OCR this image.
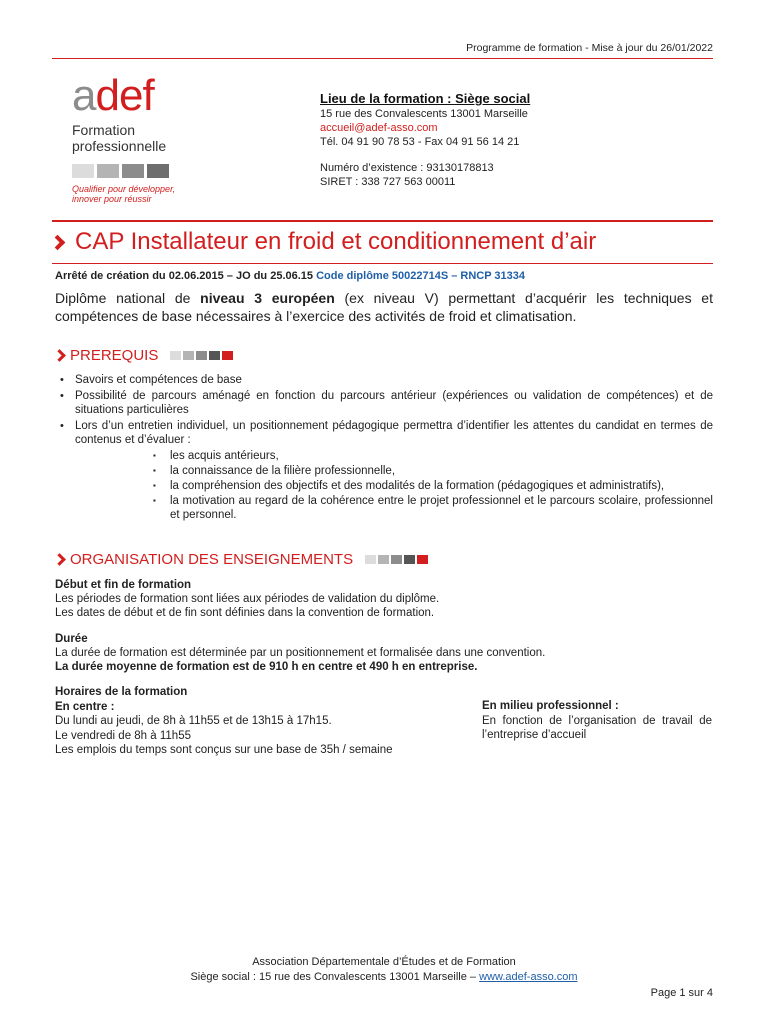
Programme de formation - Mise à jour du 26/01/2022
adef
Formation
professionnelle
Qualifier pour développer,
innover pour réussir
Lieu de la formation : Siège social
15 rue des Convalescents 13001 Marseille
accueil@adef-asso.com
Tél. 04 91 90 78 53 - Fax 04 91 56 14 21
Numéro d’existence : 93130178813
SIRET : 338 727 563 00011
CAP Installateur en froid et conditionnement d’air
Arrêté de création du 02.06.2015 – JO du 25.06.15 Code diplôme 50022714S – RNCP 31334
Diplôme national de niveau 3 européen (ex niveau V) permettant d’acquérir les techniques et compétences de base nécessaires à l’exercice des activités de froid et climatisation.
PREREQUIS
• Savoirs et compétences de base
• Possibilité de parcours aménagé en fonction du parcours antérieur (expériences ou validation de compétences) et de situations particulières
• Lors d’un entretien individuel, un positionnement pédagogique permettra d’identifier les attentes du candidat en termes de contenus et d’évaluer :
▪ les acquis antérieurs,
▪ la connaissance de la filière professionnelle,
▪ la compréhension des objectifs et des modalités de la formation (pédagogiques et administratifs),
▪ la motivation au regard de la cohérence entre le projet professionnel et le parcours scolaire, professionnel et personnel.
ORGANISATION DES ENSEIGNEMENTS
Début et fin de formation
Les périodes de formation sont liées aux périodes de validation du diplôme.
Les dates de début et de fin sont définies dans la convention de formation.
Durée
La durée de formation est déterminée par un positionnement et formalisée dans une convention.
La durée moyenne de formation est de 910 h en centre et 490 h en entreprise.
Horaires de la formation
En centre :
Du lundi au jeudi, de 8h à 11h55 et de 13h15 à 17h15.
Le vendredi de 8h à 11h55
Les emplois du temps sont conçus sur une base de 35h / semaine
En milieu professionnel :
En fonction de l’organisation de travail de l’entreprise d’accueil
Association Départementale d’Études et de Formation
Siège social : 15 rue des Convalescents 13001 Marseille – www.adef-asso.com
Page 1 sur 4
